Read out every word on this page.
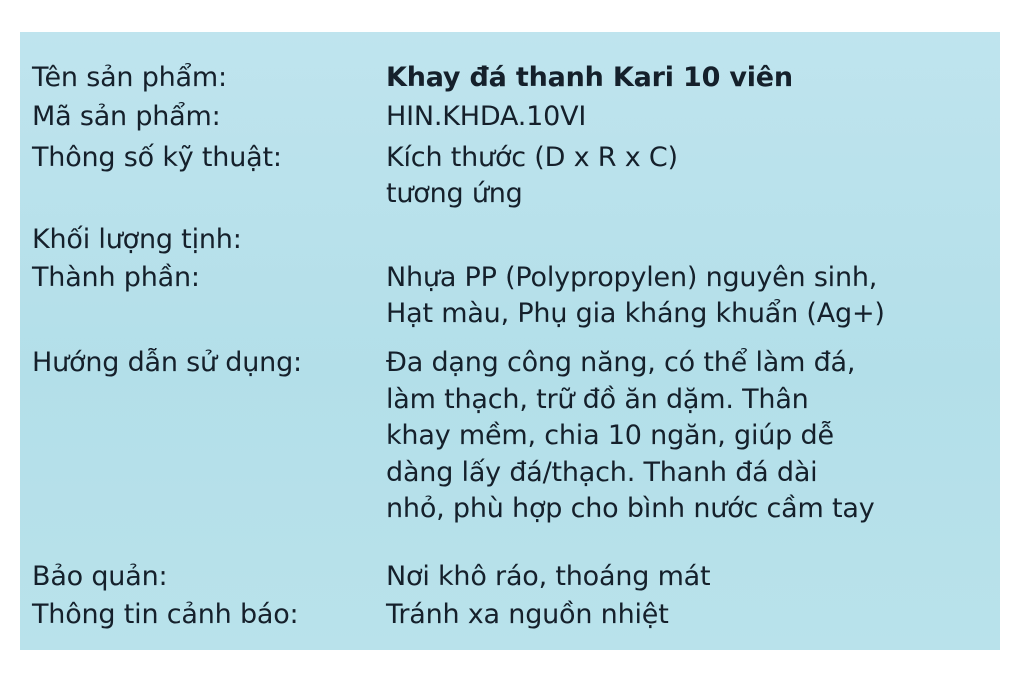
Tên sản phẩm:	Khay đá thanh Kari 10 viên
Mã sản phẩm:	HIN.KHDA.10VI
Thông số kỹ thuật:	Kích thước (D x R x C)
tương ứng
Khối lượng tịnh:
Thành phần:	Nhựa PP (Polypropylen) nguyên sinh,
Hạt màu, Phụ gia kháng khuẩn (Ag+)
Hướng dẫn sử dụng:	Đa dạng công năng, có thể làm đá,
làm thạch, trữ đồ ăn dặm. Thân
khay mềm, chia 10 ngăn, giúp dễ
dàng lấy đá/thạch. Thanh đá dài
nhỏ, phù hợp cho bình nước cầm tay
Bảo quản:	Nơi khô ráo, thoáng mát
Thông tin cảnh báo:	Tránh xa nguồn nhiệt
